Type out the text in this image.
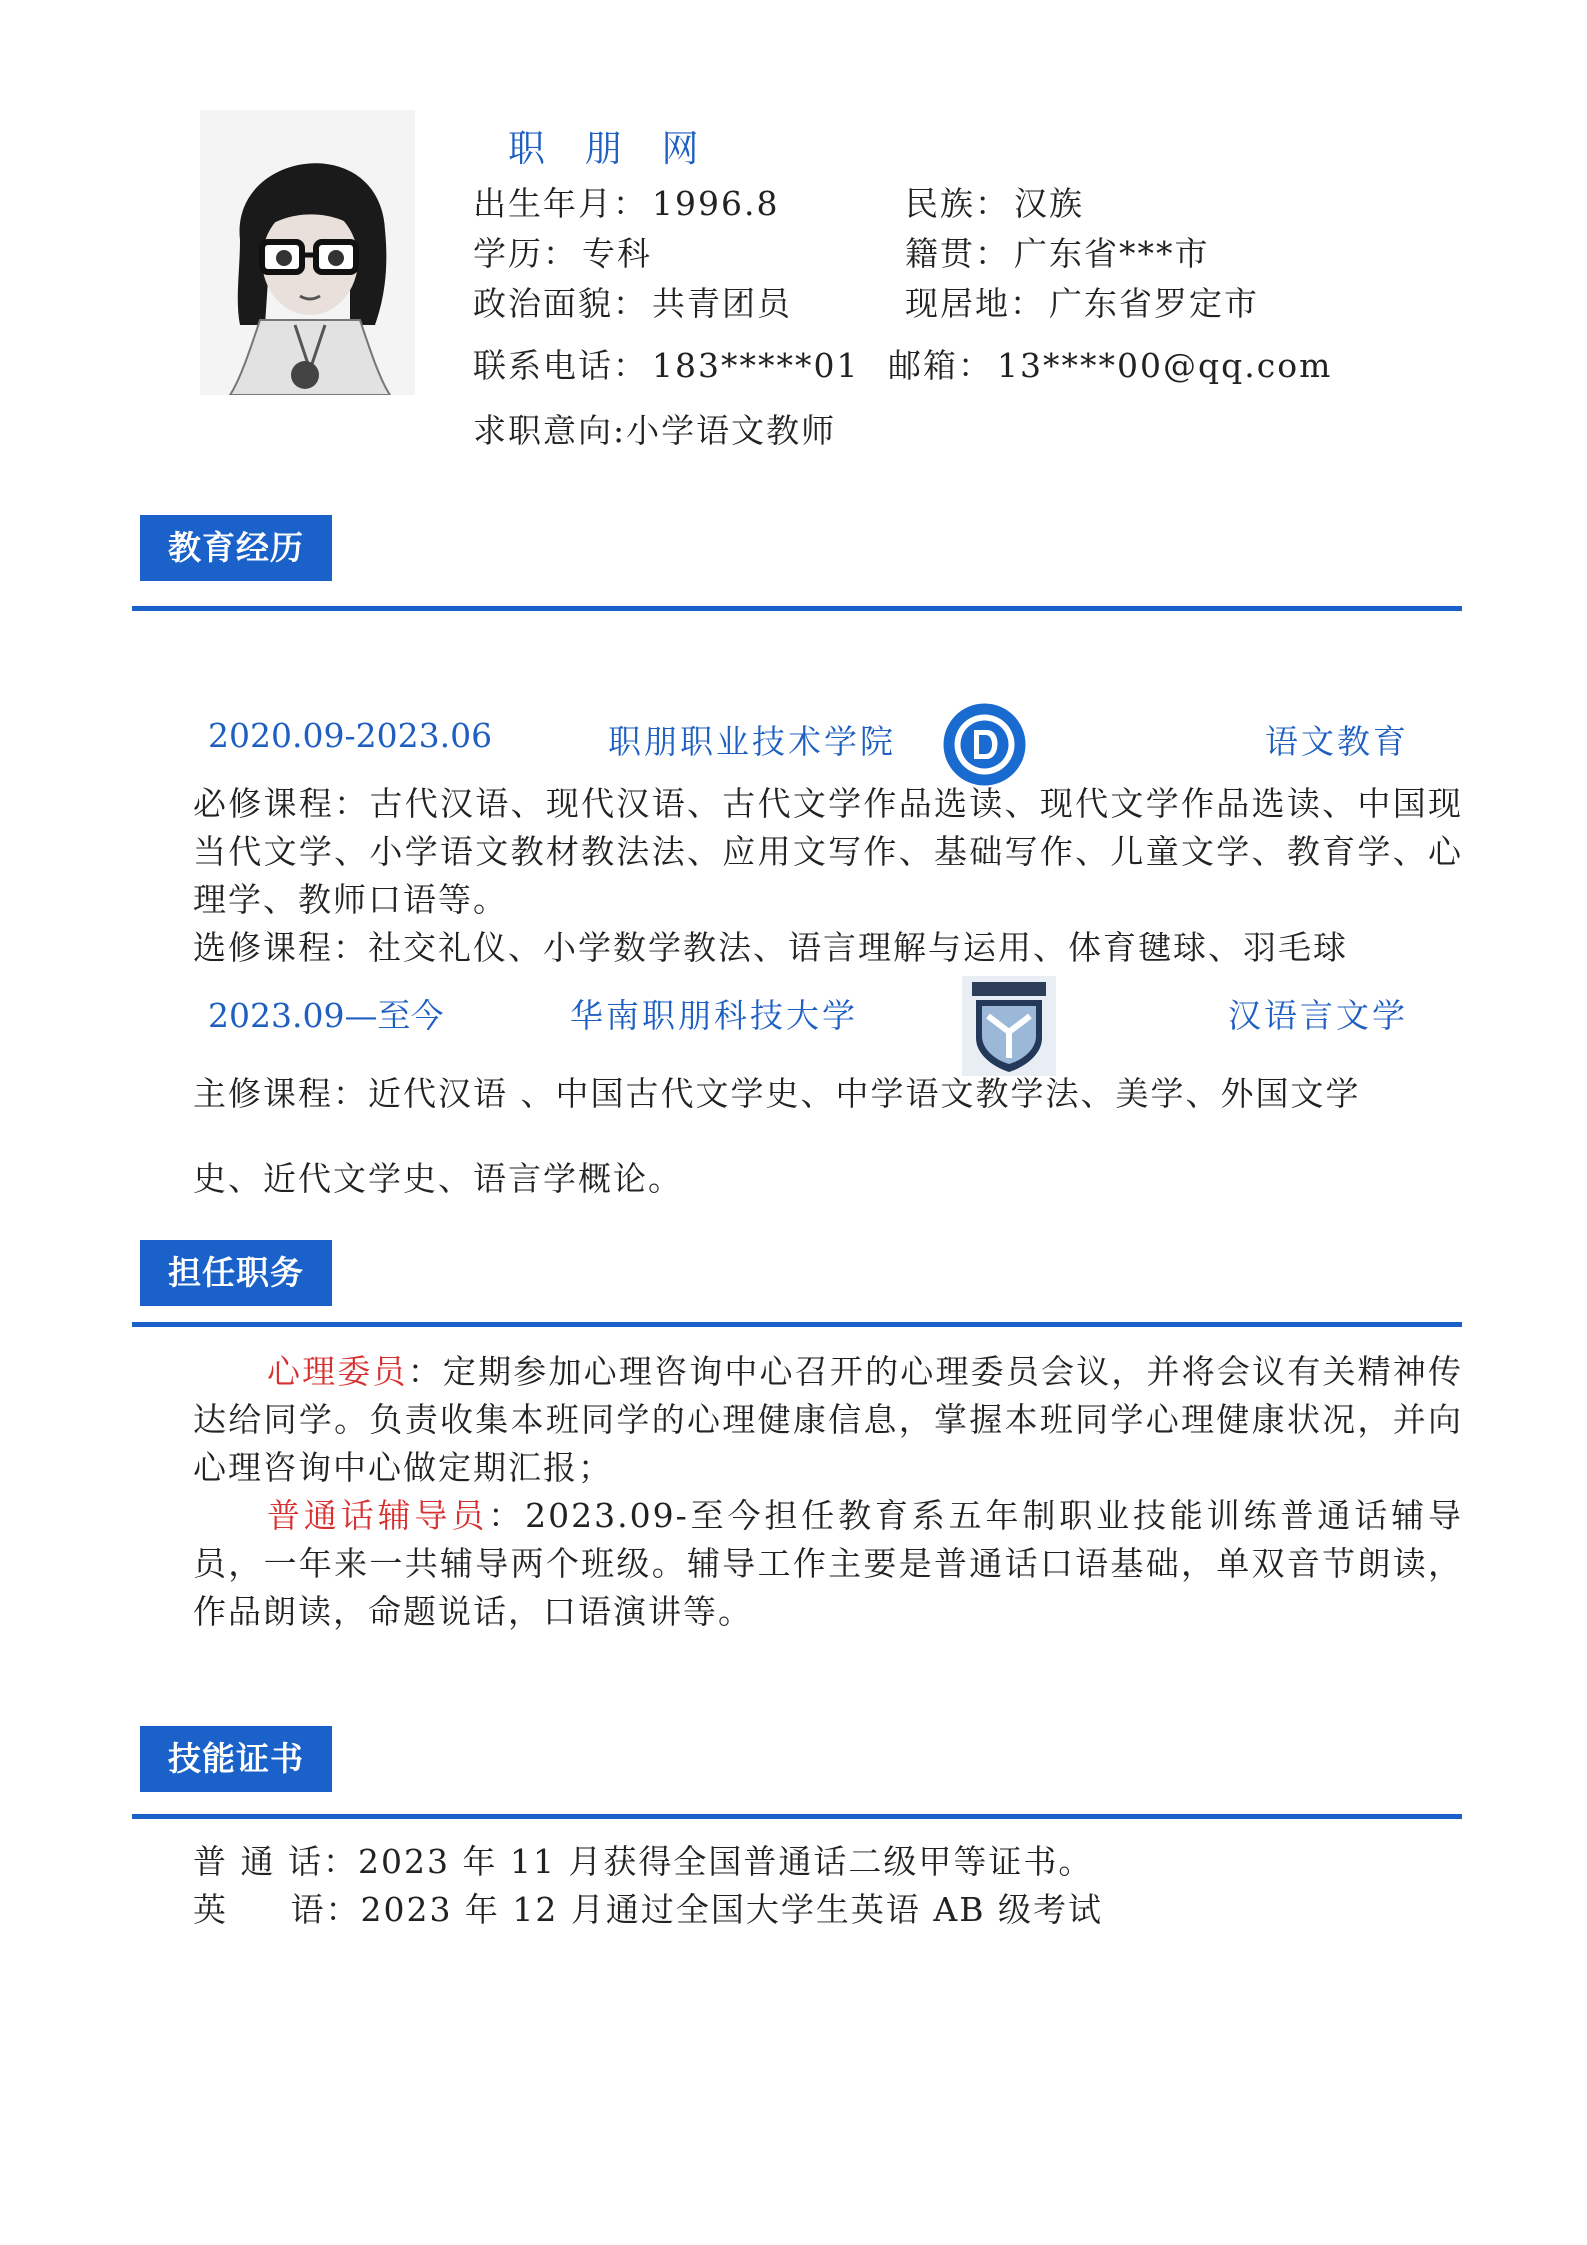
职 朋 网
出生年月： 1996.8	民族： 汉族
学历： 专科	籍贯： 广东省***市
政治面貌： 共青团员	现居地： 广东省罗定市
联系电话： 183*****01 邮箱： 13****00@qq.com
求职意向:小学语文教师
教育经历
2020.09-2023.06	职朋职业技术学院	语文教育
必修课程：古代汉语、现代汉语、古代文学作品选读、现代文学作品选读、中国现当代文学、小学语文教材教法法、应用文写作、基础写作、儿童文学、教育学、心理学、教师口语等。
选修课程：社交礼仪、小学数学教法、语言理解与运用、体育毽球、羽毛球
2023.09—至今	华南职朋科技大学	汉语言文学
主修课程：近代汉语 、中国古代文学史、中学语文教学法、美学、外国文学
史、近代文学史、语言学概论。
担任职务
心理委员：定期参加心理咨询中心召开的心理委员会议，并将会议有关精神传达给同学。负责收集本班同学的心理健康信息，掌握本班同学心理健康状况，并向心理咨询中心做定期汇报；
普通话辅导员：2023.09-至今担任教育系五年制职业技能训练普通话辅导员，一年来一共辅导两个班级。辅导工作主要是普通话口语基础，单双音节朗读，作品朗读，命题说话，口语演讲等。
技能证书
普 通 话：2023 年 11 月获得全国普通话二级甲等证书。
英     语：2023 年 12 月通过全国大学生英语 AB 级考试
